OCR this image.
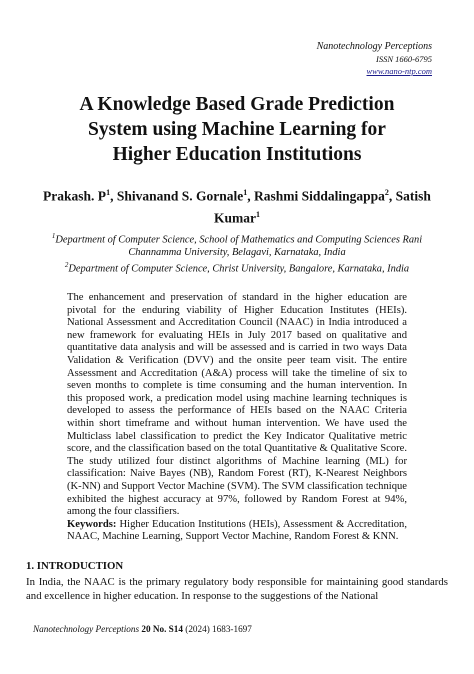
Nanotechnology Perceptions
ISSN 1660-6795
www.nano-ntp.com
A Knowledge Based Grade Prediction
System using Machine Learning for
Higher Education Institutions
Prakash. $P^1$, Shivanand S. Gornale$^1$, Rashmi Siddalingappa$^2$, Satish Kumar$^1$
$^1$Department of Computer Science, School of Mathematics and Computing Sciences Rani
Channamma University, Belagavi, Karnataka, India
$^2$Department of Computer Science, Christ University, Bangalore, Karnataka, India

The enhancement and preservation of standard in the higher education are pivotal for the enduring viability of Higher Education Institutes (HEIs). National Assessment and Accreditation Council (NAAC) in India introduced a new framework for evaluating HEIs in July 2017 based on qualitative and quantitative data analysis and will be assessed and is carried in two ways Data Validation & Verification (DVV) and the onsite peer team visit. The entire Assessment and Accreditation (A&A) process will take the timeline of six to seven months to complete is time consuming and the human intervention. In this proposed work, a predication model using machine learning techniques is developed to assess the performance of HEIs based on the NAAC Criteria within short timeframe and without human intervention. We have used the Multiclass label classification to predict the Key Indicator Qualitative metric score, and the classification based on the total Quantitative & Qualitative Score. The study utilized four distinct algorithms of Machine learning (ML) for classification: Naive Bayes (NB), Random Forest (RT), K-Nearest Neighbors (K-NN) and Support Vector Machine (SVM). The SVM classification technique exhibited the highest accuracy at 97%, followed by Random Forest at 94%, among the four classifiers.

Keywords: Higher Education Institutions (HEIs), Assessment & Accreditation, NAAC, Machine Learning, Support Vector Machine, Random Forest & KNN.

1. INTRODUCTION
In India, the NAAC is the primary regulatory body responsible for maintaining good standards and excellence in higher education. In response to the suggestions of the National
Nanotechnology Perceptions 20 No. S14 (2024) 1683-1697
